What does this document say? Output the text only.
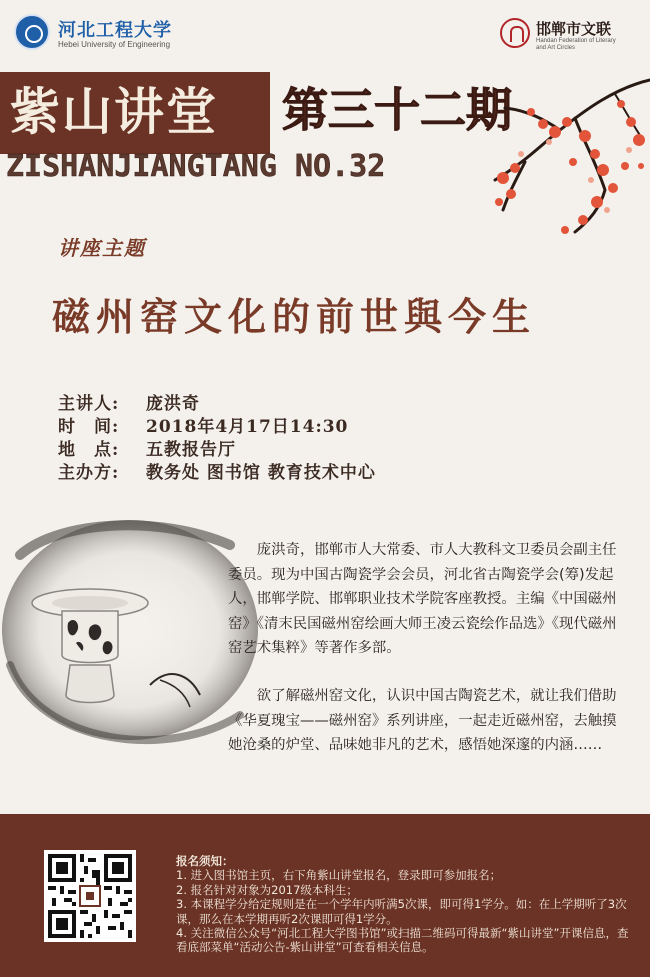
河北工程大学
Hebei University of Engineering
邯郸市文联
Handan Federation of Literary and Art Circles
紫山讲堂 第三十二期
ZISHANJIANGTANG NO.32
讲座主题
磁州窑文化的前世與今生
主讲人:	庞洪奇
时　间:	2018年4月17日14:30
地　点:	五教报告厅
主办方:	教务处 图书馆 教育技术中心

庞洪奇，邯郸市人大常委、市人大教科文卫委员会副主任委员。现为中国古陶瓷学会会员，河北省古陶瓷学会(筹)发起人，邯郸学院、邯郸职业技术学院客座教授。主编《中国磁州窑》《清末民国磁州窑绘画大师王凌云瓷绘作品选》《现代磁州窑艺术集粹》等著作多部。

欲了解磁州窑文化，认识中国古陶瓷艺术，就让我们借助《华夏瑰宝——磁州窑》系列讲座，一起走近磁州窑，去触摸她沧桑的炉堂、品味她非凡的艺术，感悟她深邃的内涵……

报名须知：

1. 进入图书馆主页，右下角紫山讲堂报名，登录即可参加报名；

2. 报名针对对象为2017级本科生；

3. 本课程学分给定规则是在一个学年内听满5次课，即可得1学分。如：在上学期听了3次课，那么在本学期再听2次课即可得1学分。

4. 关注微信公众号“河北工程大学图书馆”或扫描二维码可得最新“紫山讲堂”开课信息，查看底部菜单“活动公告-紫山讲堂”可查看相关信息。
